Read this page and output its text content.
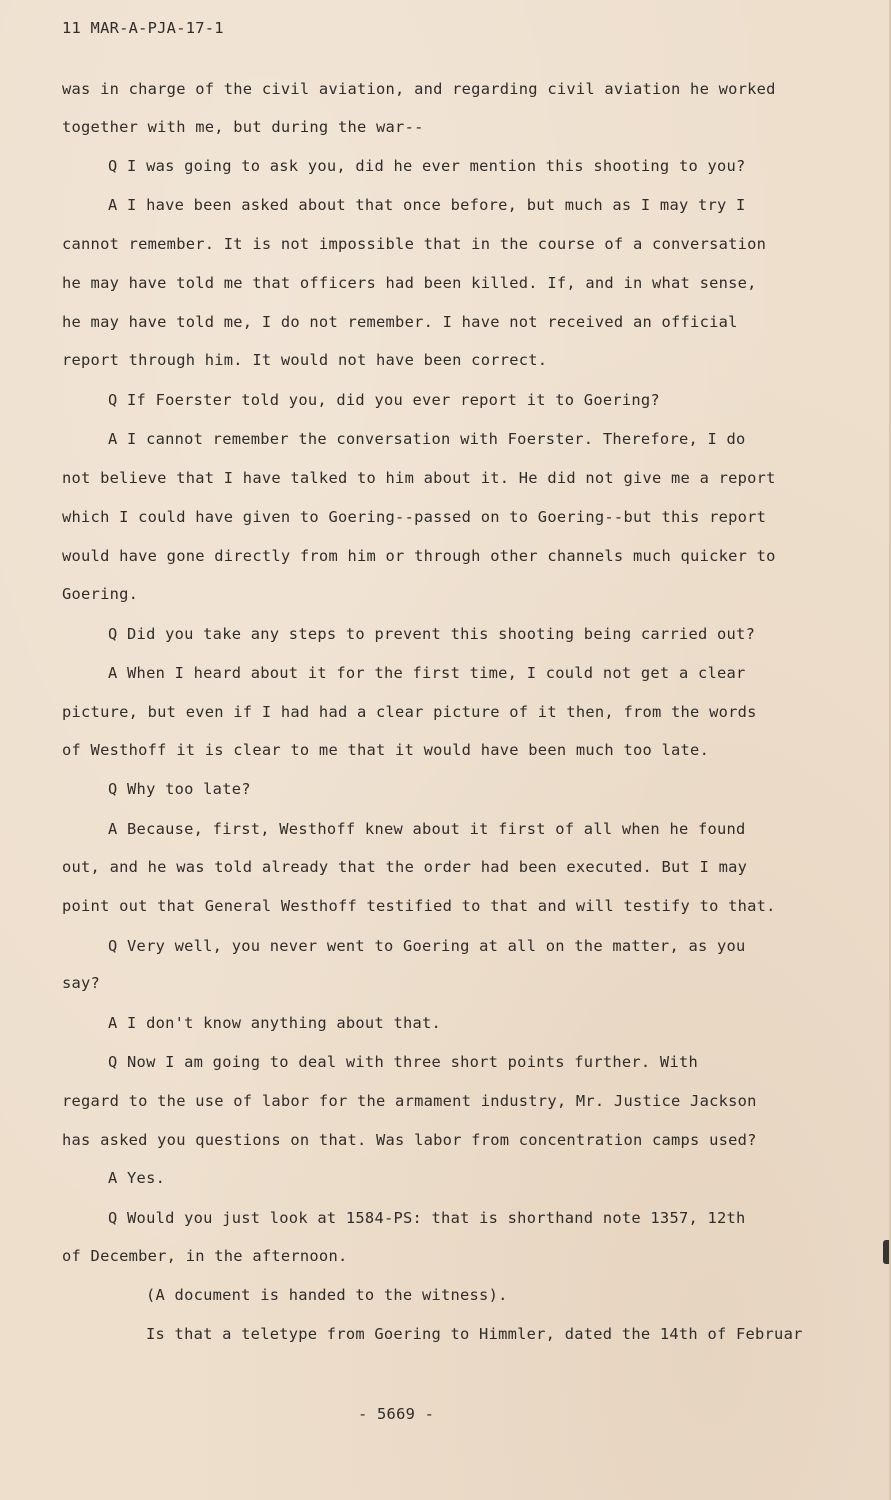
11 MAR-A-PJA-17-1
was in charge of the civil aviation, and regarding civil aviation he worked
together with me, but during the war--
Q I was going to ask you, did he ever mention this shooting to you?
A I have been asked about that once before, but much as I may try I
cannot remember. It is not impossible that in the course of a conversation
he may have told me that officers had been killed. If, and in what sense,
he may have told me, I do not remember. I have not received an official
report through him. It would not have been correct.
Q If Foerster told you, did you ever report it to Goering?
A I cannot remember the conversation with Foerster. Therefore, I do
not believe that I have talked to him about it. He did not give me a report
which I could have given to Goering--passed on to Goering--but this report
would have gone directly from him or through other channels much quicker to
Goering.
Q Did you take any steps to prevent this shooting being carried out?
A When I heard about it for the first time, I could not get a clear
picture, but even if I had had a clear picture of it then, from the words
of Westhoff it is clear to me that it would have been much too late.
Q Why too late?
A Because, first, Westhoff knew about it first of all when he found
out, and he was told already that the order had been executed. But I may
point out that General Westhoff testified to that and will testify to that.
Q Very well, you never went to Goering at all on the matter, as you
say?
A I don't know anything about that.
Q Now I am going to deal with three short points further. With
regard to the use of labor for the armament industry, Mr. Justice Jackson
has asked you questions on that. Was labor from concentration camps used?
A Yes.
Q Would you just look at 1584-PS: that is shorthand note 1357, 12th
of December, in the afternoon.
(A document is handed to the witness).
Is that a teletype from Goering to Himmler, dated the 14th of Februar
- 5669 -
